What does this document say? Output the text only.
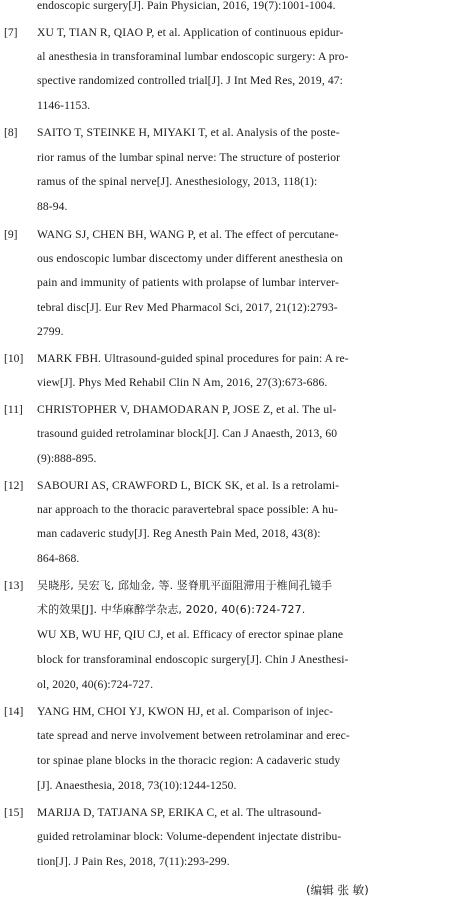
endoscopic surgery[J]. Pain Physician, 2016, 19(7):1001-1004.
[7] XU T, TIAN R, QIAO P, et al. Application of continuous epidur-
al anesthesia in transforaminal lumbar endoscopic surgery: A pro-
spective randomized controlled trial[J]. J Int Med Res, 2019, 47:
1146-1153.
[8] SAITO T, STEINKE H, MIYAKI T, et al. Analysis of the poste-
rior ramus of the lumbar spinal nerve: The structure of posterior
ramus of the spinal nerve[J]. Anesthesiology, 2013, 118(1):
88-94.
[9] WANG SJ, CHEN BH, WANG P, et al. The effect of percutane-
ous endoscopic lumbar discectomy under different anesthesia on
pain and immunity of patients with prolapse of lumbar interver-
tebral disc[J]. Eur Rev Med Pharmacol Sci, 2017, 21(12):2793-
2799.
[10] MARK FBH. Ultrasound-guided spinal procedures for pain: A re-
view[J]. Phys Med Rehabil Clin N Am, 2016, 27(3):673-686.
[11] CHRISTOPHER V, DHAMODARAN P, JOSE Z, et al. The ul-
trasound guided retrolaminar block[J]. Can J Anaesth, 2013, 60
(9):888-895.
[12] SABOURI AS, CRAWFORD L, BICK SK, et al. Is a retrolami-
nar approach to the thoracic paravertebral space possible: A hu-
man cadaveric study[J]. Reg Anesth Pain Med, 2018, 43(8):
864-868.
[13] 吴晓彤, 吴宏飞, 邱灿金, 等. 竖脊肌平面阻滞用于椎间孔镜手
术的效果[J]. 中华麻醉学杂志, 2020, 40(6):724-727.
WU XB, WU HF, QIU CJ, et al. Efficacy of erector spinae plane
block for transforaminal endoscopic surgery[J]. Chin J Anesthesi-
ol, 2020, 40(6):724-727.
[14] YANG HM, CHOI YJ, KWON HJ, et al. Comparison of injec-
tate spread and nerve involvement between retrolaminar and erec-
tor spinae plane blocks in the thoracic region: A cadaveric study
[J]. Anaesthesia, 2018, 73(10):1244-1250.
[15] MARIJA D, TATJANA SP, ERIKA C, et al. The ultrasound-
guided retrolaminar block: Volume-dependent injectate distribu-
tion[J]. J Pain Res, 2018, 7(11):293-299.
(编辑 张 敏)
